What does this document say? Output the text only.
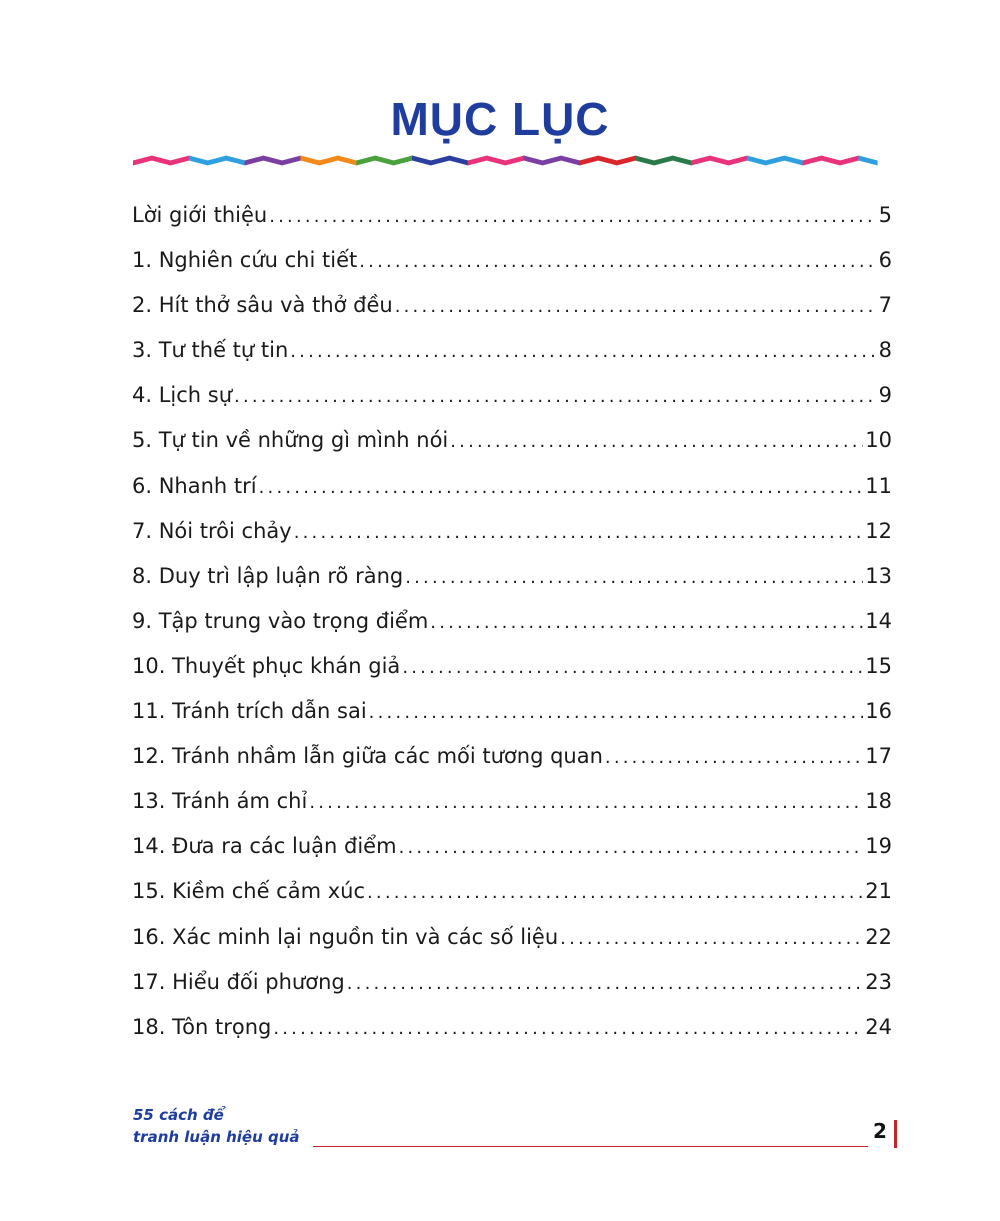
MỤC LỤC
Lời giới thiệu .....	5
1. Nghiên cứu chi tiết .....	6
2. Hít thở sâu và thở đều .....	7
3. Tư thế tự tin .....	8
4. Lịch sự .....	9
5. Tự tin về những gì mình nói .....	10
6. Nhanh trí .....	11
7. Nói trôi chảy .....	12
8. Duy trì lập luận rõ ràng .....	13
9. Tập trung vào trọng điểm .....	14
10. Thuyết phục khán giả .....	15
11. Tránh trích dẫn sai .....	16
12. Tránh nhầm lẫn giữa các mối tương quan .....	17
13. Tránh ám chỉ .....	18
14. Đưa ra các luận điểm .....	19
15. Kiềm chế cảm xúc .....	21
16. Xác minh lại nguồn tin và các số liệu .....	22
17. Hiểu đối phương .....	23
18. Tôn trọng .....	24
55 cách để
tranh luận hiệu quả	2
